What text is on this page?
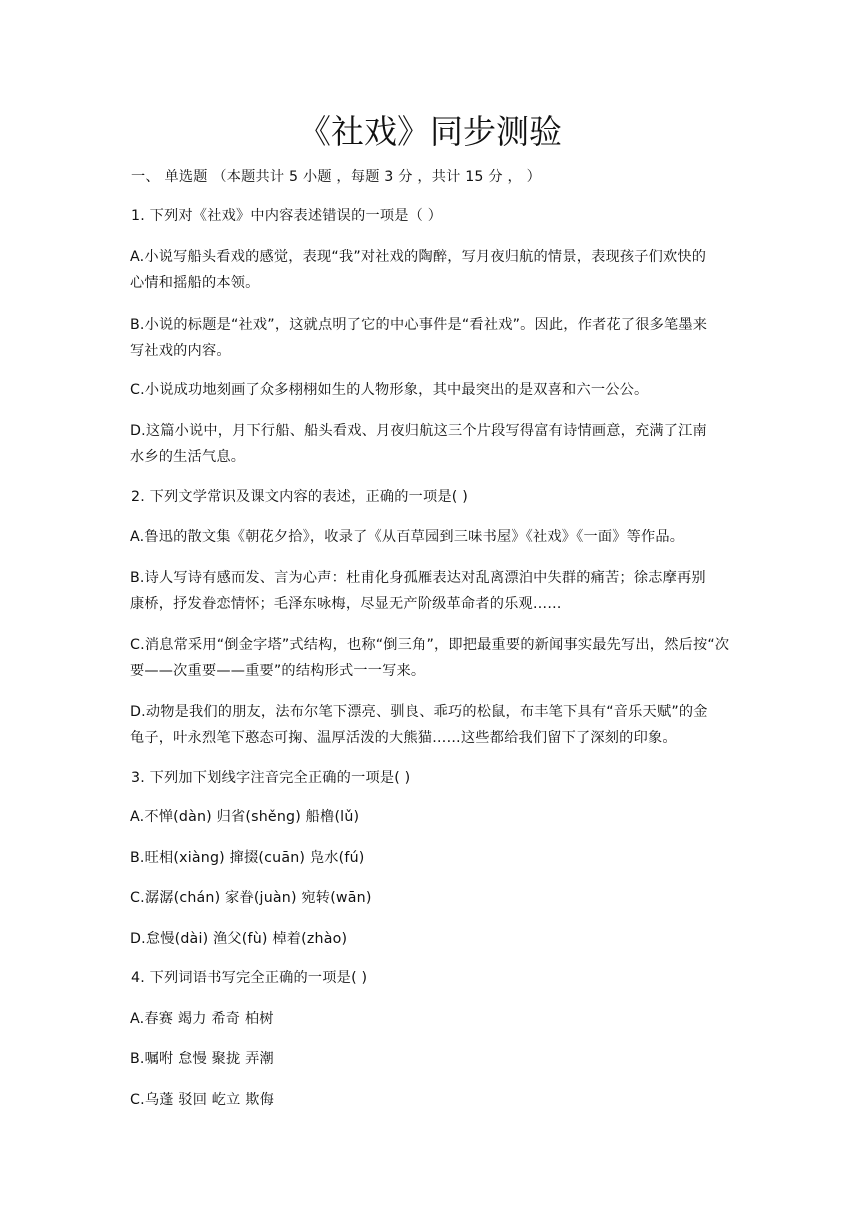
《社戏》同步测验
一、 单选题 （本题共计 5 小题 ，每题 3 分 ，共计 15 分 ， ）
1. 下列对《社戏》中内容表述错误的一项是（ ）
A.小说写船头看戏的感觉，表现“我”对社戏的陶醉，写月夜归航的情景，表现孩子们欢快的
心情和摇船的本领。
B.小说的标题是“社戏”，这就点明了它的中心事件是“看社戏”。因此，作者花了很多笔墨来
写社戏的内容。
C.小说成功地刻画了众多栩栩如生的人物形象，其中最突出的是双喜和六一公公。
D.这篇小说中，月下行船、船头看戏、月夜归航这三个片段写得富有诗情画意，充满了江南
水乡的生活气息。
2. 下列文学常识及课文内容的表述，正确的一项是( )
A.鲁迅的散文集《朝花夕拾》，收录了《从百草园到三味书屋》《社戏》《一面》等作品。
B.诗人写诗有感而发、言为心声：杜甫化身孤雁表达对乱离漂泊中失群的痛苦；徐志摩再别
康桥，抒发眷恋情怀；毛泽东咏梅，尽显无产阶级革命者的乐观……
C.消息常采用“倒金字塔”式结构，也称“倒三角”，即把最重要的新闻事实最先写出，然后按“次
要——次重要——重要”的结构形式一一写来。
D.动物是我们的朋友，法布尔笔下漂亮、驯良、乖巧的松鼠，布丰笔下具有“音乐天赋”的金
龟子，叶永烈笔下憨态可掬、温厚活泼的大熊猫……这些都给我们留下了深刻的印象。
3. 下列加下划线字注音完全正确的一项是( )
A.不惮(dàn) 归省(shěng) 船橹(lǔ)
B.旺相(xiàng) 撺掇(cuān) 凫水(fú)
C.潺潺(chán) 家眷(juàn) 宛转(wān)
D.怠慢(dài) 渔父(fù) 棹着(zhào)
4. 下列词语书写完全正确的一项是( )
A.春赛 竭力 希奇 柏树
B.嘱咐 怠慢 聚拢 弄潮
C.乌蓬 驳回 屹立 欺侮
